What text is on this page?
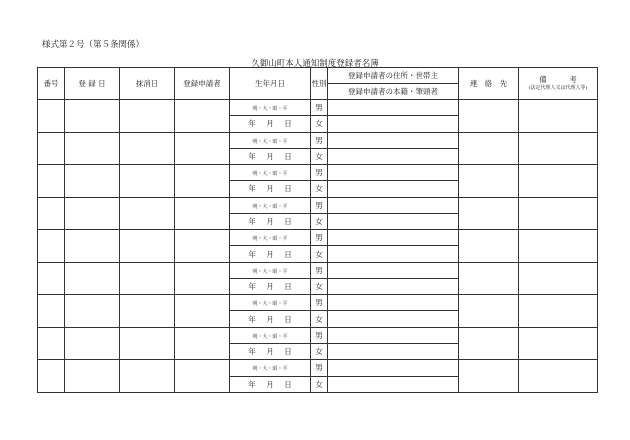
様式第２号（第５条関係）
久御山町本人通知制度登録者名簿
番号	登 録 日	抹消日	登録申請者	生年月日	性別	登録申請者の住所・世帯主	連　絡　先	備　　　考
(法定代理人又は代理人等)

						登録申請者の本籍・筆頭者		
				明・大・昭・平	男			
				年 月 日	女			
				明・大・昭・平	男			
				年 月 日	女			
				明・大・昭・平	男			
				年 月 日	女			
				明・大・昭・平	男			
				年 月 日	女			
				明・大・昭・平	男			
				年 月 日	女			
				明・大・昭・平	男			
				年 月 日	女			
				明・大・昭・平	男			
				年 月 日	女			
				明・大・昭・平	男			
				年 月 日	女			
				明・大・昭・平	男			
				年 月 日	女			
